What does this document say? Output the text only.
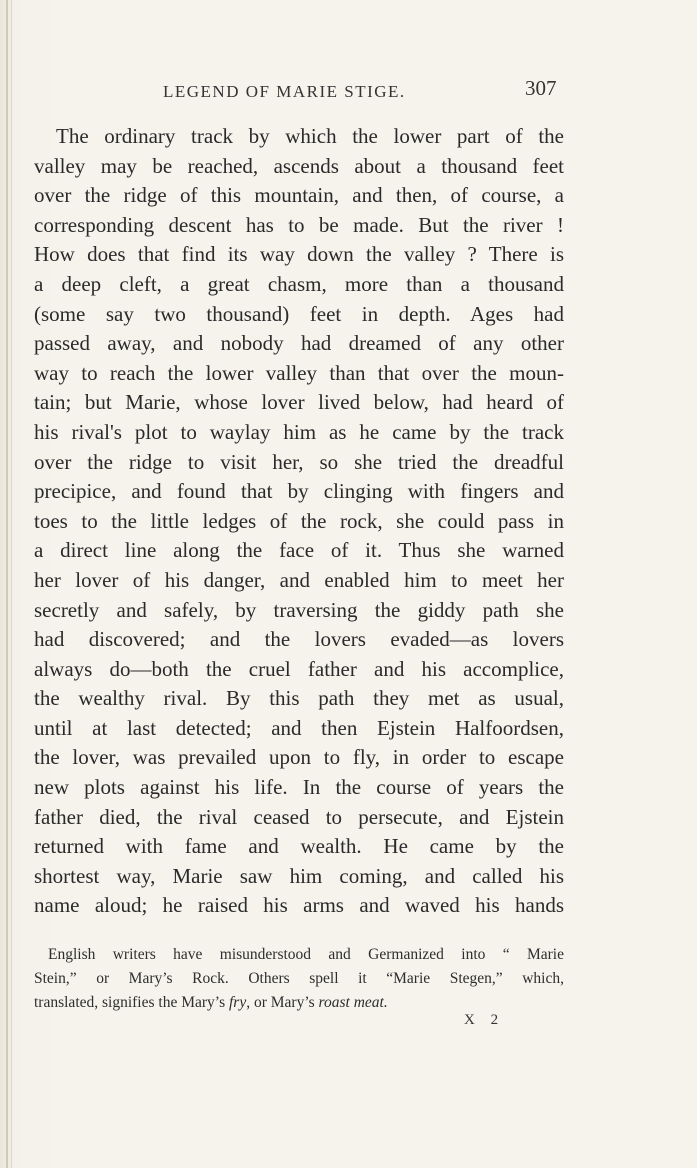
LEGEND OF MARIE STIGE.	307
The ordinary track by which the lower part of the
valley may be reached, ascends about a thousand feet
over the ridge of this mountain, and then, of course, a
corresponding descent has to be made. But the river !
How does that find its way down the valley ? There is
a deep cleft, a great chasm, more than a thousand
(some say two thousand) feet in depth. Ages had
passed away, and nobody had dreamed of any other
way to reach the lower valley than that over the moun-
tain; but Marie, whose lover lived below, had heard of
his rival's plot to waylay him as he came by the track
over the ridge to visit her, so she tried the dreadful
precipice, and found that by clinging with fingers and
toes to the little ledges of the rock, she could pass in
a direct line along the face of it. Thus she warned
her lover of his danger, and enabled him to meet her
secretly and safely, by traversing the giddy path she
had discovered; and the lovers evaded—as lovers
always do—both the cruel father and his accomplice,
the wealthy rival. By this path they met as usual,
until at last detected; and then Ejstein Halfoordsen,
the lover, was prevailed upon to fly, in order to escape
new plots against his life. In the course of years the
father died, the rival ceased to persecute, and Ejstein
returned with fame and wealth. He came by the
shortest way, Marie saw him coming, and called his
name aloud; he raised his arms and waved his hands
English writers have misunderstood and Germanized into “ Marie
Stein,” or Mary’s Rock. Others spell it “Marie Stegen,” which,
translated, signifies the Mary’s fry, or Mary’s roast meat.
X 2
